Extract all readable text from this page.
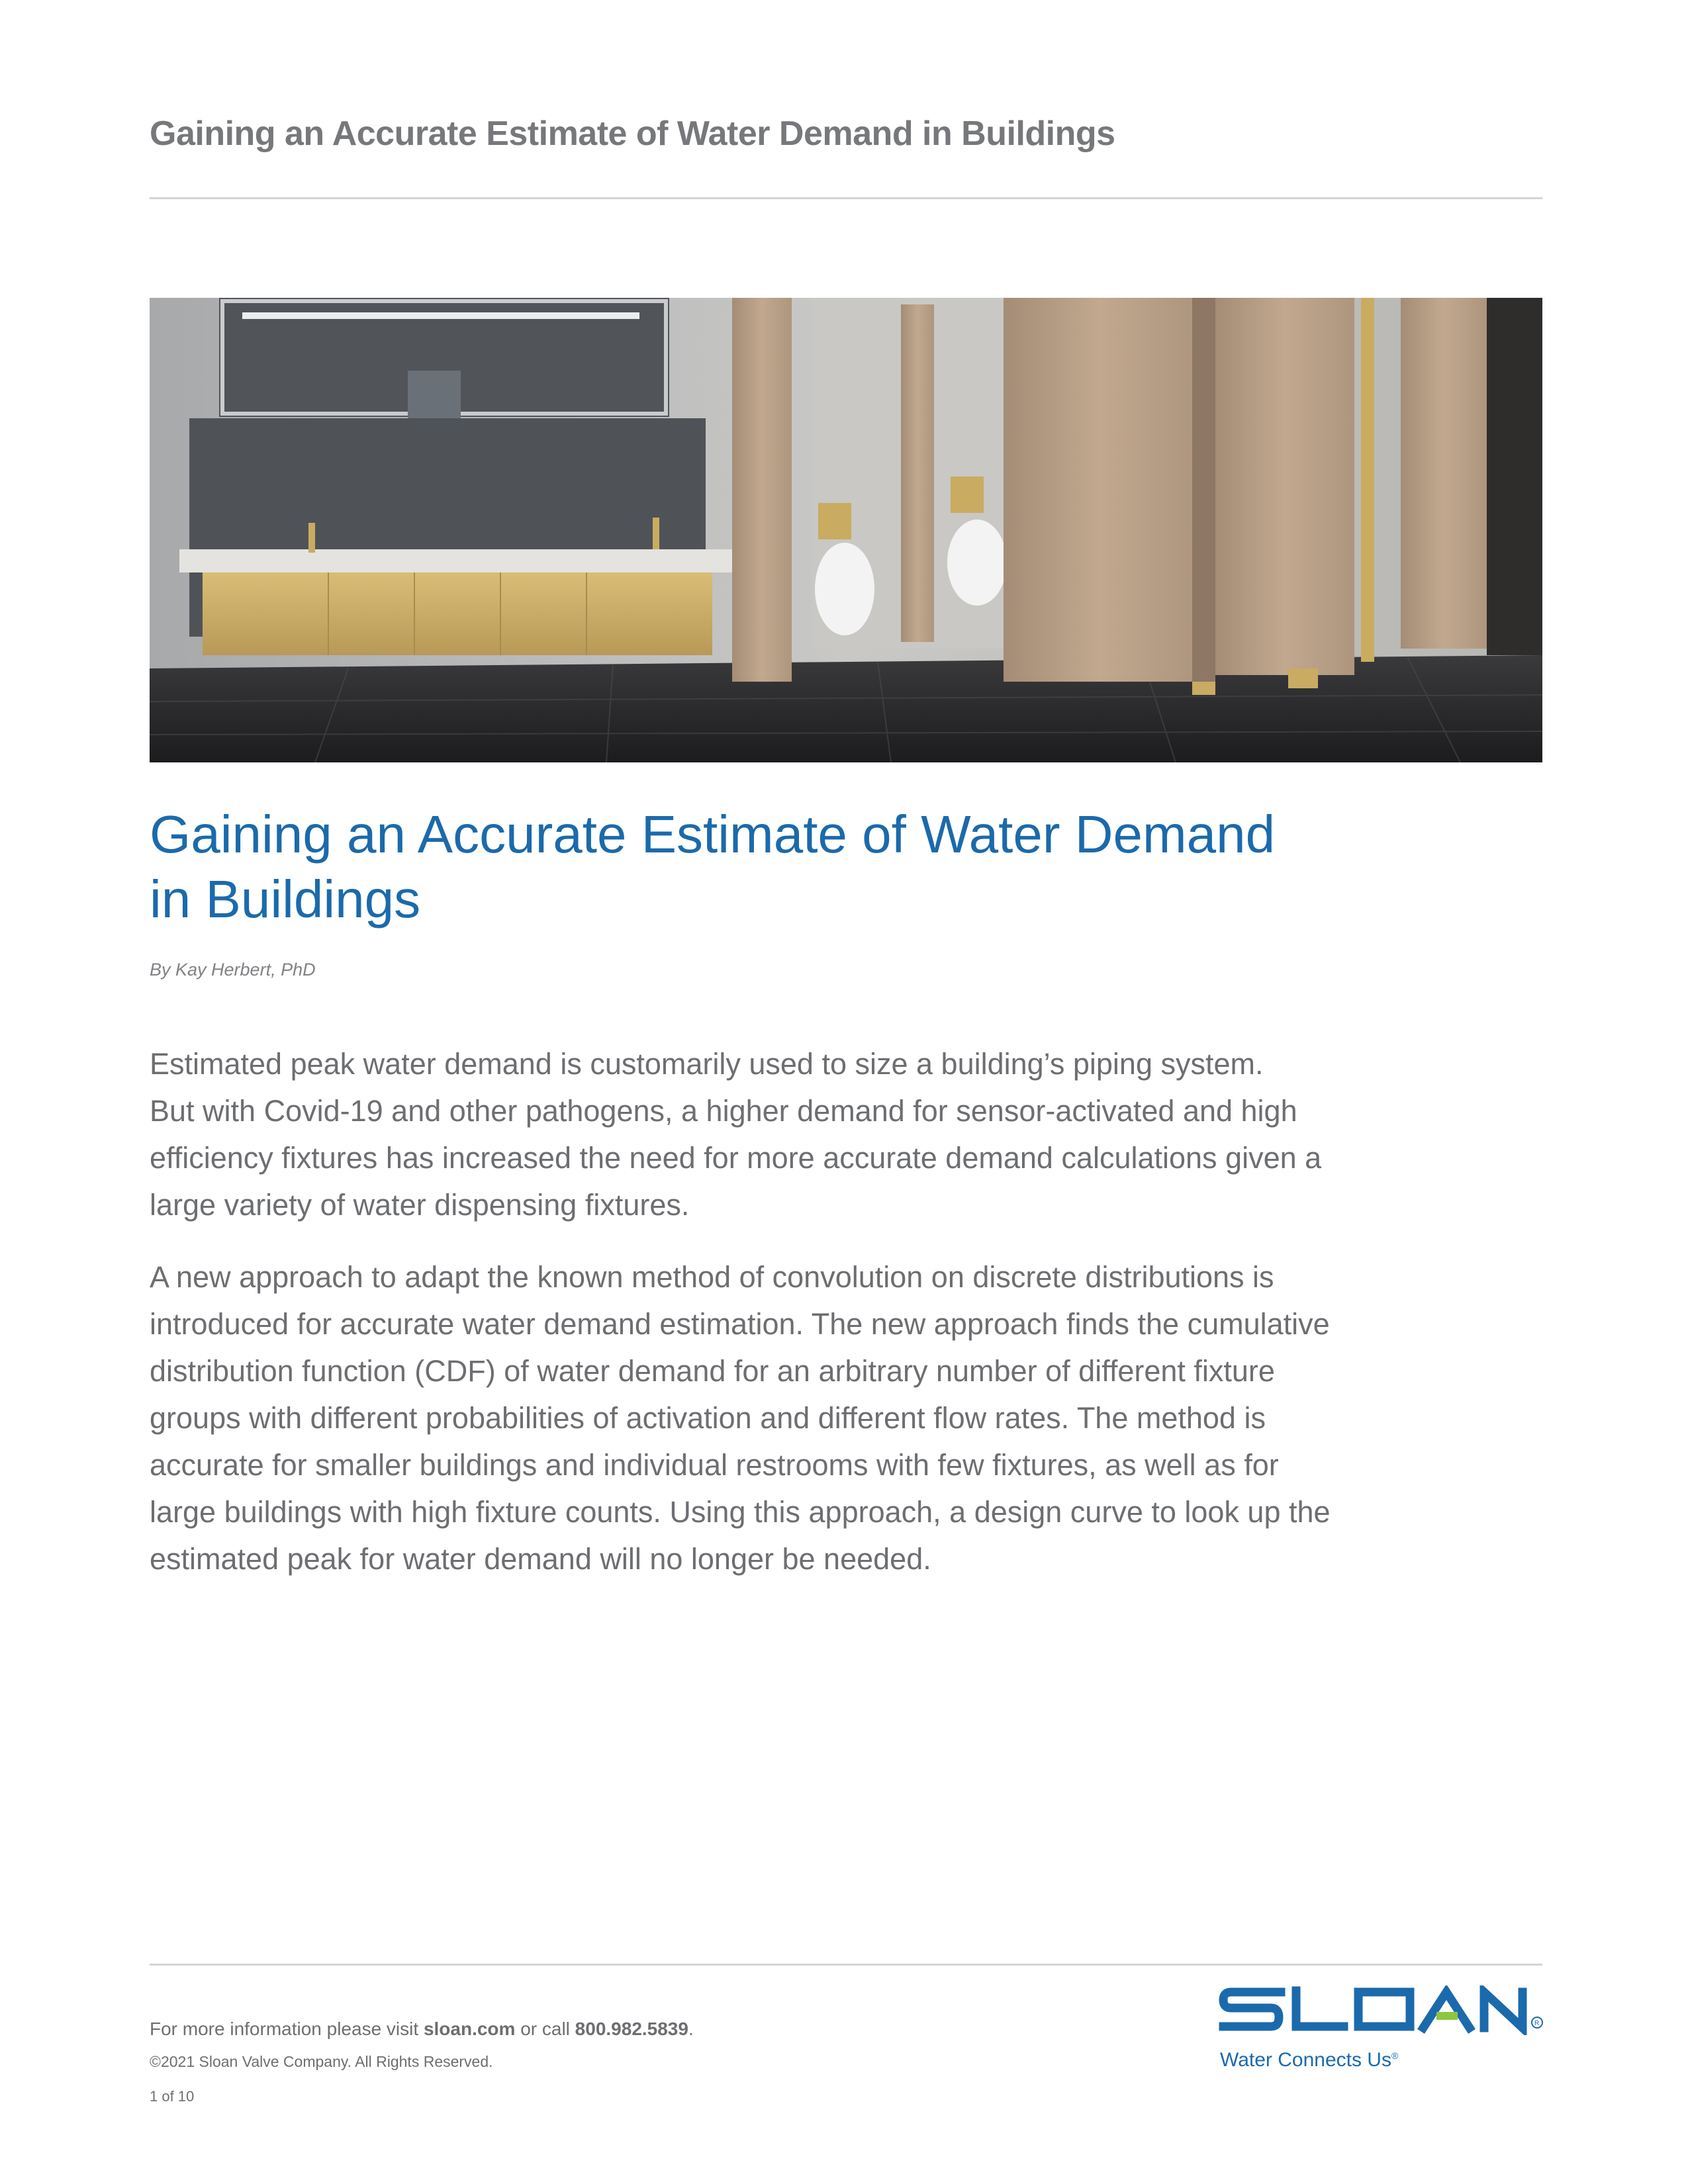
Gaining an Accurate Estimate of Water Demand in Buildings
Gaining an Accurate Estimate of Water Demand
in Buildings
By Kay Herbert, PhD
Estimated peak water demand is customarily used to size a building’s piping system.
But with Covid-19 and other pathogens, a higher demand for sensor-activated and high
efficiency fixtures has increased the need for more accurate demand calculations given a
large variety of water dispensing fixtures.
A new approach to adapt the known method of convolution on discrete distributions is
introduced for accurate water demand estimation. The new approach finds the cumulative
distribution function (CDF) of water demand for an arbitrary number of different fixture
groups with different probabilities of activation and different flow rates. The method is
accurate for smaller buildings and individual restrooms with few fixtures, as well as for
large buildings with high fixture counts. Using this approach, a design curve to look up the
estimated peak for water demand will no longer be needed.
For more information please visit sloan.com or call 800.982.5839.
©2021 Sloan Valve Company. All Rights Reserved.
1 of 10
R
Water Connects Us®
